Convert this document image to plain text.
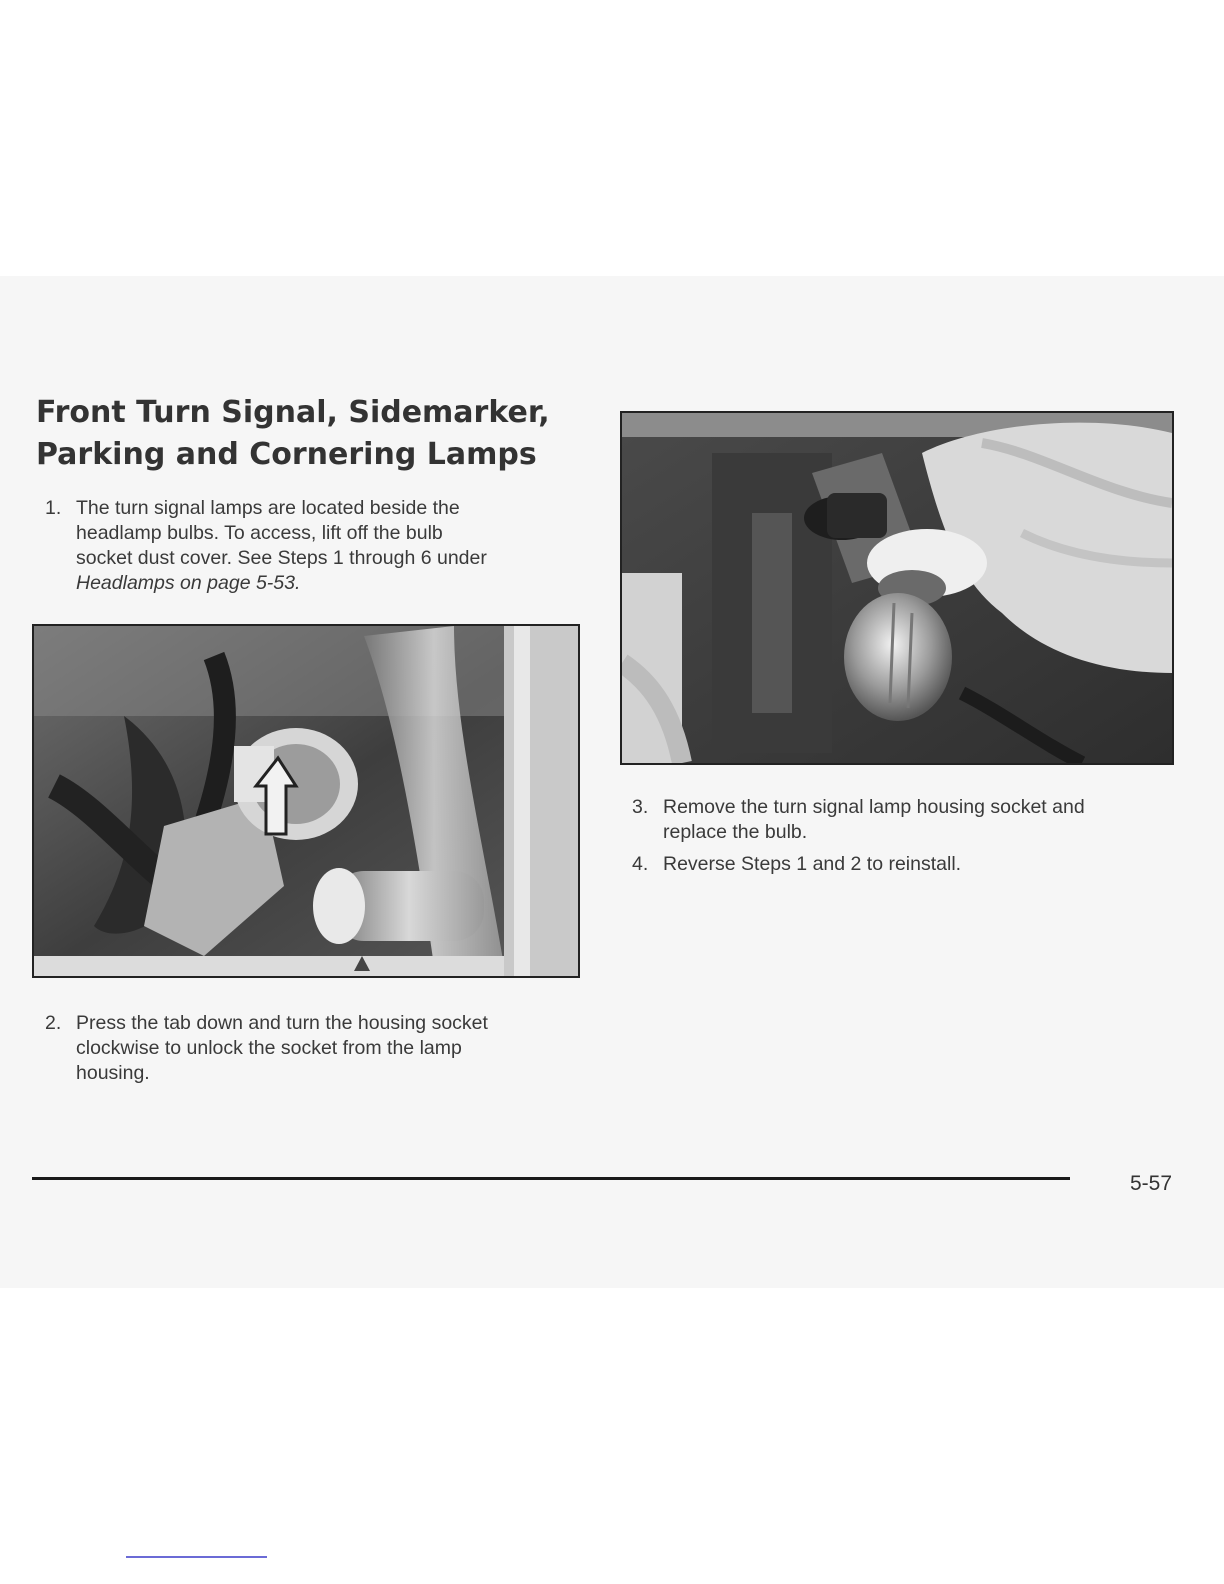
Front Turn Signal, Sidemarker,
Parking and Cornering Lamps
1. The turn signal lamps are located beside the
headlamp bulbs. To access, lift off the bulb
socket dust cover. See Steps 1 through 6 under
Headlamps on page 5-53.
2. Press the tab down and turn the housing socket
clockwise to unlock the socket from the lamp
housing.
3. Remove the turn signal lamp housing socket and
replace the bulb.
4. Reverse Steps 1 and 2 to reinstall.
5-57
